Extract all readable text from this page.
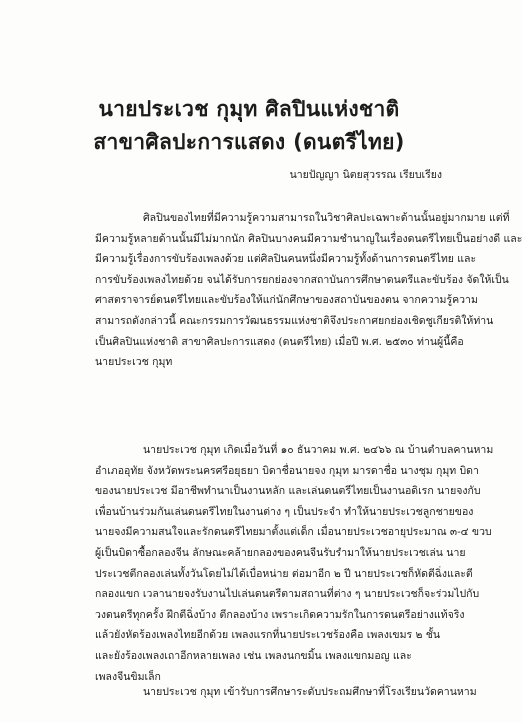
นายประเวช กุมุท ศิลปินแห่งชาติ
สาขาศิลปะการแสดง (ดนตรีไทย)
นายปัญญา นิตยสุวรรณ เรียบเรียง
ศิลปินของไทยที่มีความรู้ความสามารถในวิชาศิลปะเฉพาะด้านนั้นอยู่มากมาย แต่ที่
มีความรู้หลายด้านนั้นมีไม่มากนัก ศิลปินบางคนมีความชำนาญในเรื่องดนตรีไทยเป็นอย่างดี และ
มีความรู้เรื่องการขับร้องเพลงด้วย แต่ศิลปินคนหนึ่งมีความรู้ทั้งด้านการดนตรีไทย และ
การขับร้องเพลงไทยด้วย จนได้รับการยกย่องจากสถาบันการศึกษาดนตรีและขับร้อง จัดให้เป็น
ศาสตราจารย์ดนตรีไทยและขับร้องให้แก่นักศึกษาของสถาบันของตน จากความรู้ความ
สามารถดังกล่าวนี้ คณะกรรมการวัฒนธรรมแห่งชาติจึงประกาศยกย่องเชิดชูเกียรติให้ท่าน
เป็นศิลปินแห่งชาติ สาขาศิลปะการแสดง (ดนตรีไทย) เมื่อปี พ.ศ. ๒๕๓๐ ท่านผู้นี้คือ
นายประเวช กุมุท
นายประเวช กุมุท เกิดเมื่อวันที่ ๑๐ ธันวาคม พ.ศ. ๒๔๖๖ ณ บ้านตำบลคานหาม
อำเภออุทัย จังหวัดพระนครศรีอยุธยา บิดาชื่อนายจง กุมุท มารดาชื่อ นางชุม กุมุท บิดา
ของนายประเวช มีอาชีพทำนาเป็นงานหลัก และเล่นดนตรีไทยเป็นงานอดิเรก นายจงกับ
เพื่อนบ้านร่วมกันเล่นดนตรีไทยในงานต่าง ๆ เป็นประจำ ทำให้นายประเวชลูกชายของ
นายจงมีความสนใจและรักดนตรีไทยมาตั้งแต่เด็ก เมื่อนายประเวชอายุประมาณ ๓-๔ ขวบ
ผู้เป็นบิดาซื้อกลองจีน ลักษณะคล้ายกลองของคนจีนรับรำมาให้นายประเวชเล่น นาย
ประเวชตีกลองเล่นทั้งวันโดยไม่ได้เบื่อหน่าย ต่อมาอีก ๒ ปี นายประเวชก็หัดตีฉิ่งและตี
กลองแขก เวลานายจงรับงานไปเล่นดนตรีตามสถานที่ต่าง ๆ นายประเวชก็จะร่วมไปกับ
วงดนตรีทุกครั้ง ฝึกตีฉิ่งบ้าง ตีกลองบ้าง เพราะเกิดความรักในการดนตรีอย่างแท้จริง
แล้วยังหัดร้องเพลงไทยอีกด้วย เพลงแรกที่นายประเวชร้องคือ เพลงเขมร ๒ ชั้น
และยังร้องเพลงเถาอีกหลายเพลง เช่น เพลงนกขมิ้น เพลงแขกมอญ และ
เพลงจีนขิมเล็ก
นายประเวช กุมุท เข้ารับการศึกษาระดับประถมศึกษาที่โรงเรียนวัดคานหาม
